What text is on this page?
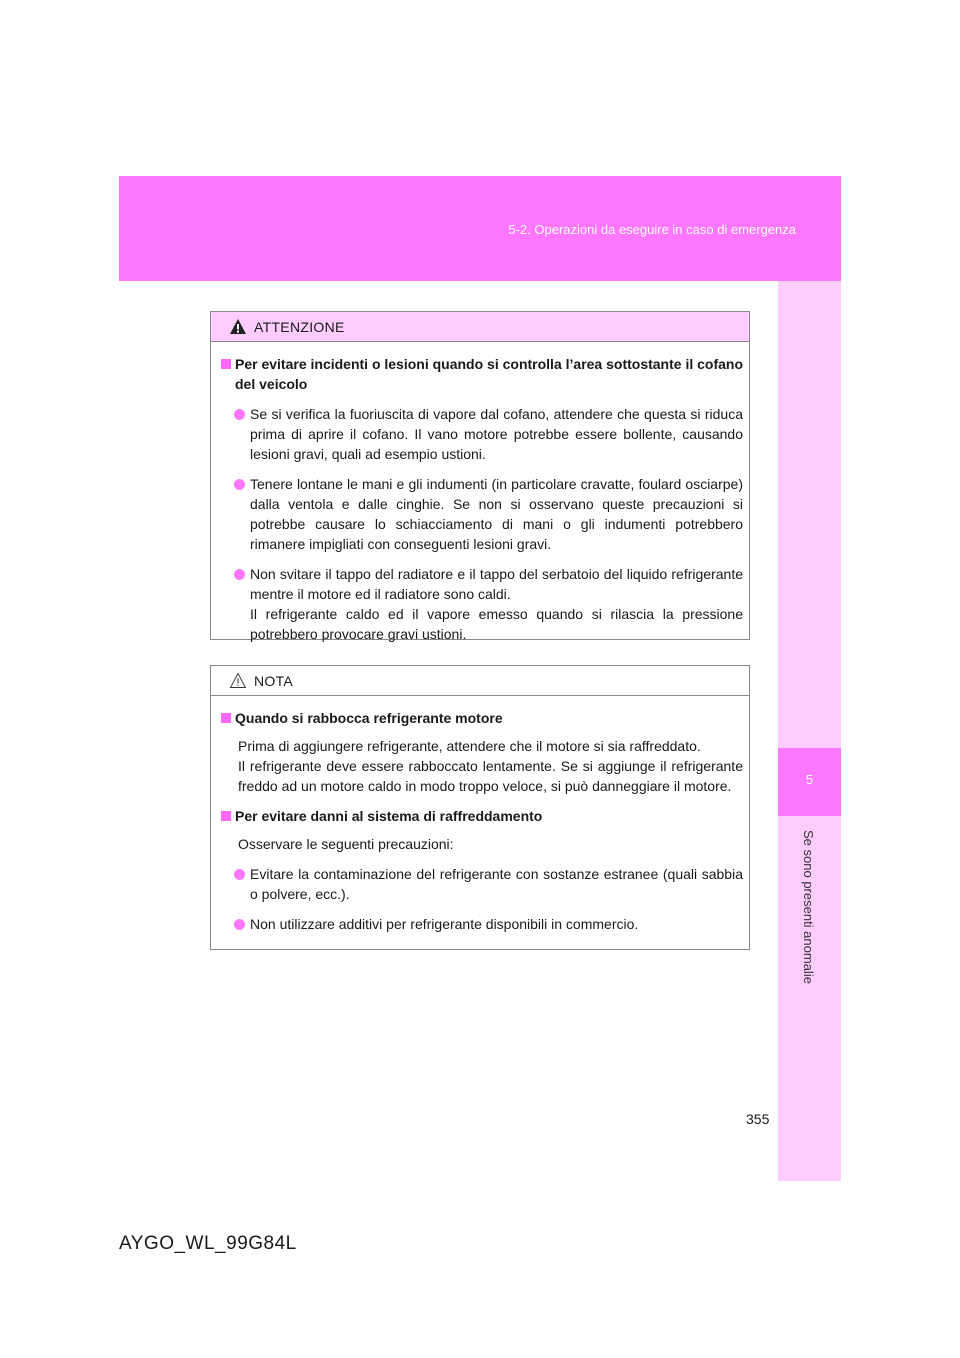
5-2. Operazioni da eseguire in caso di emergenza
5
Se sono presenti anomalie
ATTENZIONE
Per evitare incidenti o lesioni quando si controlla l’area sottostante il cofano del veicolo
Se si verifica la fuoriuscita di vapore dal cofano, attendere che questa si riduca prima di aprire il cofano. Il vano motore potrebbe essere bollente, causando lesioni gravi, quali ad esempio ustioni.
Tenere lontane le mani e gli indumenti (in particolare cravatte, foulard osciarpe) dalla ventola e dalle cinghie. Se non si osservano queste precauzioni si potrebbe causare lo schiacciamento di mani o gli indumenti potrebbero rimanere impigliati con conseguenti lesioni gravi.
Non svitare il tappo del radiatore e il tappo del serbatoio del liquido refrigerante mentre il motore ed il radiatore sono caldi.
Il refrigerante caldo ed il vapore emesso quando si rilascia la pressione potrebbero provocare gravi ustioni.
NOTA
Quando si rabbocca refrigerante motore
Prima di aggiungere refrigerante, attendere che il motore si sia raffreddato.
Il refrigerante deve essere rabboccato lentamente. Se si aggiunge il refrigerante freddo ad un motore caldo in modo troppo veloce, si può danneggiare il motore.
Per evitare danni al sistema di raffreddamento
Osservare le seguenti precauzioni:
Evitare la contaminazione del refrigerante con sostanze estranee (quali sabbia o polvere, ecc.).
Non utilizzare additivi per refrigerante disponibili in commercio.
355
AYGO_WL_99G84L
